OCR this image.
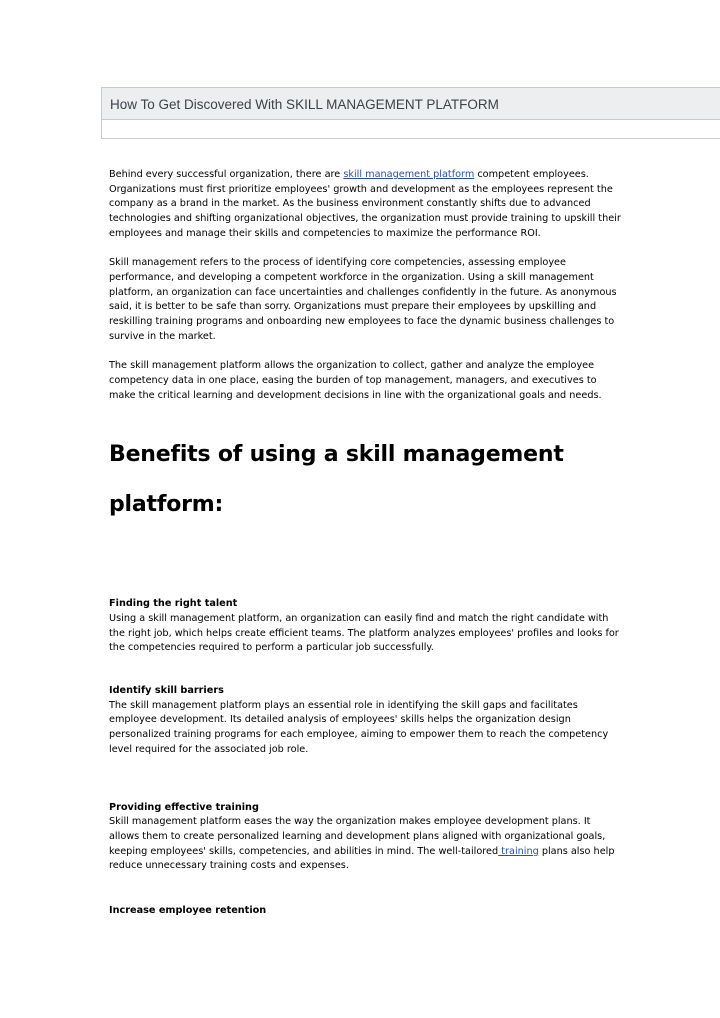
How To Get Discovered With SKILL MANAGEMENT PLATFORM

Behind every successful organization, there are skill management platform competent employees. Organizations must first prioritize employees' growth and development as the employees represent the company as a brand in the market. As the business environment constantly shifts due to advanced technologies and shifting organizational objectives, the organization must provide training to upskill their employees and manage their skills and competencies to maximize the performance ROI.

Skill management refers to the process of identifying core competencies, assessing employee performance, and developing a competent workforce in the organization. Using a skill management platform, an organization can face uncertainties and challenges confidently in the future. As anonymous said, it is better to be safe than sorry. Organizations must prepare their employees by upskilling and reskilling training programs and onboarding new employees to face the dynamic business challenges to survive in the market.

The skill management platform allows the organization to collect, gather and analyze the employee competency data in one place, easing the burden of top management, managers, and executives to make the critical learning and development decisions in line with the organizational goals and needs.

Benefits of using a skill management platform:

Finding the right talent

Using a skill management platform, an organization can easily find and match the right candidate with the right job, which helps create efficient teams. The platform analyzes employees' profiles and looks for the competencies required to perform a particular job successfully.

Identify skill barriers

The skill management platform plays an essential role in identifying the skill gaps and facilitates employee development. Its detailed analysis of employees' skills helps the organization design personalized training programs for each employee, aiming to empower them to reach the competency level required for the associated job role.

Providing effective training

Skill management platform eases the way the organization makes employee development plans. It allows them to create personalized learning and development plans aligned with organizational goals, keeping employees' skills, competencies, and abilities in mind. The well-tailored training plans also help reduce unnecessary training costs and expenses.

Increase employee retention
